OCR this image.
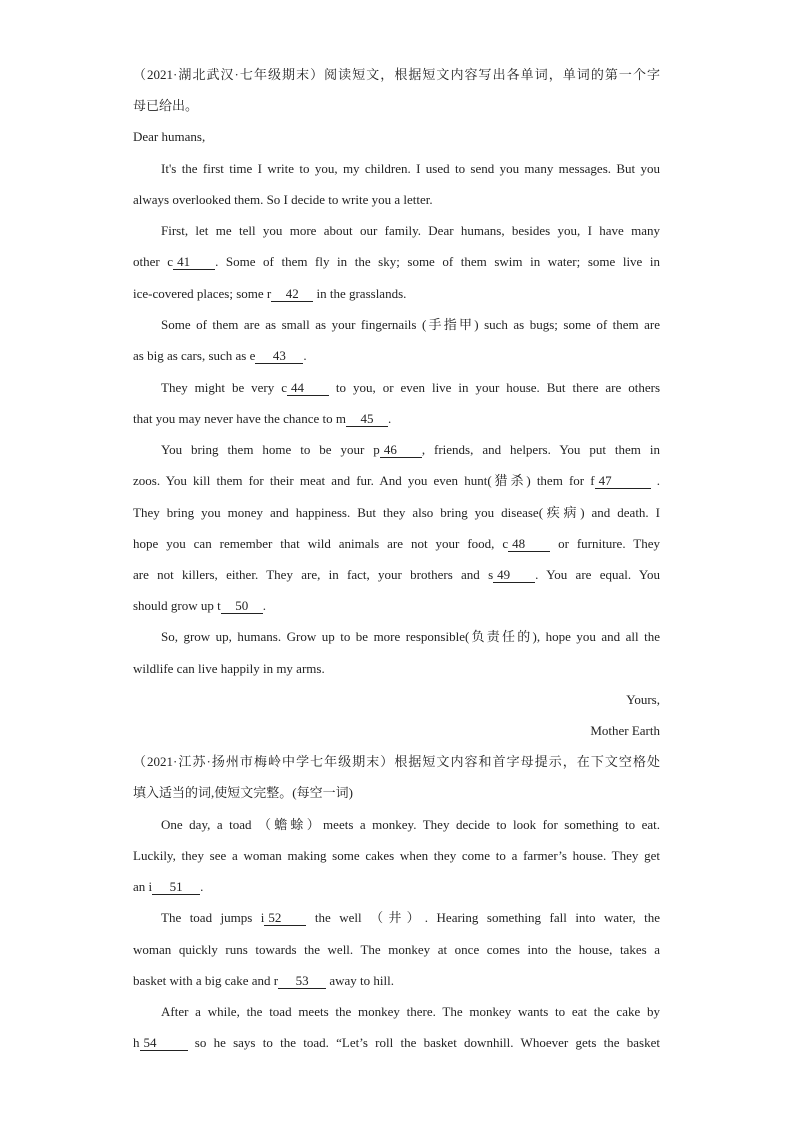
（2021·湖北武汉·七年级期末）阅读短文，根据短文内容写出各单词，单词的第一个字
母已给出。
Dear humans,
It's the first time I write to you, my children. I used to send you many messages. But you
always overlooked them. So I decide to write you a letter.
First, let me tell you more about our family. Dear humans, besides you, I have many
other c 41 . Some of them fly in the sky; some of them swim in water; some live in
ice-covered places; some r 42 in the grasslands.
Some of them are as small as your fingernails (手指甲) such as bugs; some of them are
as big as cars, such as e 43 .
They might be very c 44 to you, or even live in your house. But there are others
that you may never have the chance to m 45 .
You bring them home to be your p 46 , friends, and helpers. You put them in
zoos. You kill them for their meat and fur. And you even hunt(猎杀) them for f 47	.
They bring you money and happiness. But they also bring you disease(疾病) and death. I
hope you can remember that wild animals are not your food, c 48 or furniture. They
are not killers, either. They are, in fact, your brothers and s 49 . You are equal. You
should grow up t 50 .
So, grow up, humans. Grow up to be more responsible(负责任的), hope you and all the
wildlife can live happily in my arms.
Yours,
Mother Earth
（2021·江苏·扬州市梅岭中学七年级期末）根据短文内容和首字母提示，在下文空格处
填入适当的词,使短文完整。(每空一词)
One day, a toad （蟾蜍）meets a monkey. They decide to look for something to eat.
Luckily, they see a woman making some cakes when they come to a farmer’s house. They get
an i 51 .
The toad jumps i 52 the well （井）. Hearing something fall into water, the
woman quickly runs towards the well. The monkey at once comes into the house, takes a
basket with a big cake and r 53 away to hill.
After a while, the toad meets the monkey there. The monkey wants to eat the cake by
h 54 so he says to the toad. “Let’s roll the basket downhill. Whoever gets the basket
